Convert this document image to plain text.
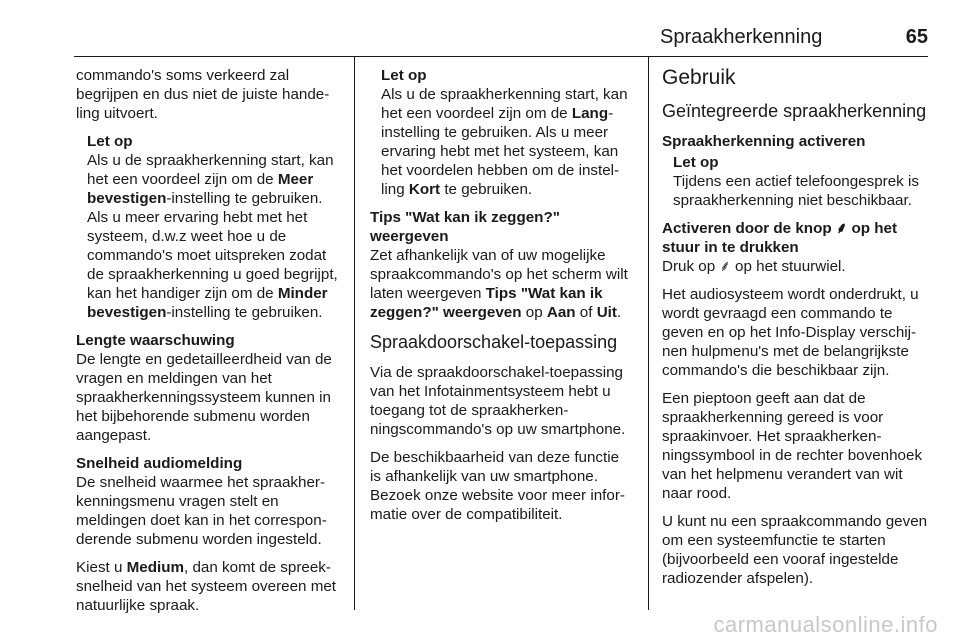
Spraakherkenning	65

commando's soms verkeerd zal begrijpen en dus niet de juiste handeling uitvoert.

Let op
Als u de spraakherkenning start, kan het een voordeel zijn om de Meer bevestigen-instelling te gebruiken. Als u meer ervaring hebt met het systeem, d.w.z weet hoe u de commando's moet uitspreken zodat de spraakherkenning u goed begrijpt, kan het handiger zijn om de Minder bevestigen-instelling te gebruiken.

Lengte waarschuwing
De lengte en gedetailleerdheid van de vragen en meldingen van het spraakherkenningssysteem kunnen in het bijbehorende submenu worden aangepast.

Snelheid audiomelding
De snelheid waarmee het spraakherkenningsmenu vragen stelt en meldingen doet kan in het corresponderende submenu worden ingesteld.

Kiest u Medium, dan komt de spreeksnelheid van het systeem overeen met natuurlijke spraak.

Let op
Als u de spraakherkenning start, kan het een voordeel zijn om de Lang-instelling te gebruiken. Als u meer ervaring hebt met het systeem, kan het voordelen hebben om de instelling Kort te gebruiken.

Tips "Wat kan ik zeggen?" weergeven
Zet afhankelijk van of uw mogelijke spraakcommando's op het scherm wilt laten weergeven Tips "Wat kan ik zeggen?" weergeven op Aan of Uit.

Spraakdoorschakel-toepassing

Via de spraakdoorschakel-toepassing van het Infotainmentsysteem hebt u toegang tot de spraakherkenningscommando's op uw smartphone.

De beschikbaarheid van deze functie is afhankelijk van uw smartphone. Bezoek onze website voor meer informatie over de compatibiliteit.

Gebruik
Geïntegreerde spraakherkenning
Spraakherkenning activeren
Let op
Tijdens een actief telefoongesprek is spraakherkenning niet beschikbaar.

Activeren door de knop ⸙ op het stuur in te drukken
Druk op ⸙ op het stuurwiel.

Het audiosysteem wordt onderdrukt, u wordt gevraagd een commando te geven en op het Info-Display verschijnen hulpmenu's met de belangrijkste commando's die beschikbaar zijn.

Een pieptoon geeft aan dat de spraakherkenning gereed is voor spraakinvoer. Het spraakherkenningssymbool in de rechter bovenhoek van het helpmenu verandert van wit naar rood.

U kunt nu een spraakcommando geven om een systeemfunctie te starten (bijvoorbeeld een vooraf ingestelde radiozender afspelen).

carmanualsonline.info
